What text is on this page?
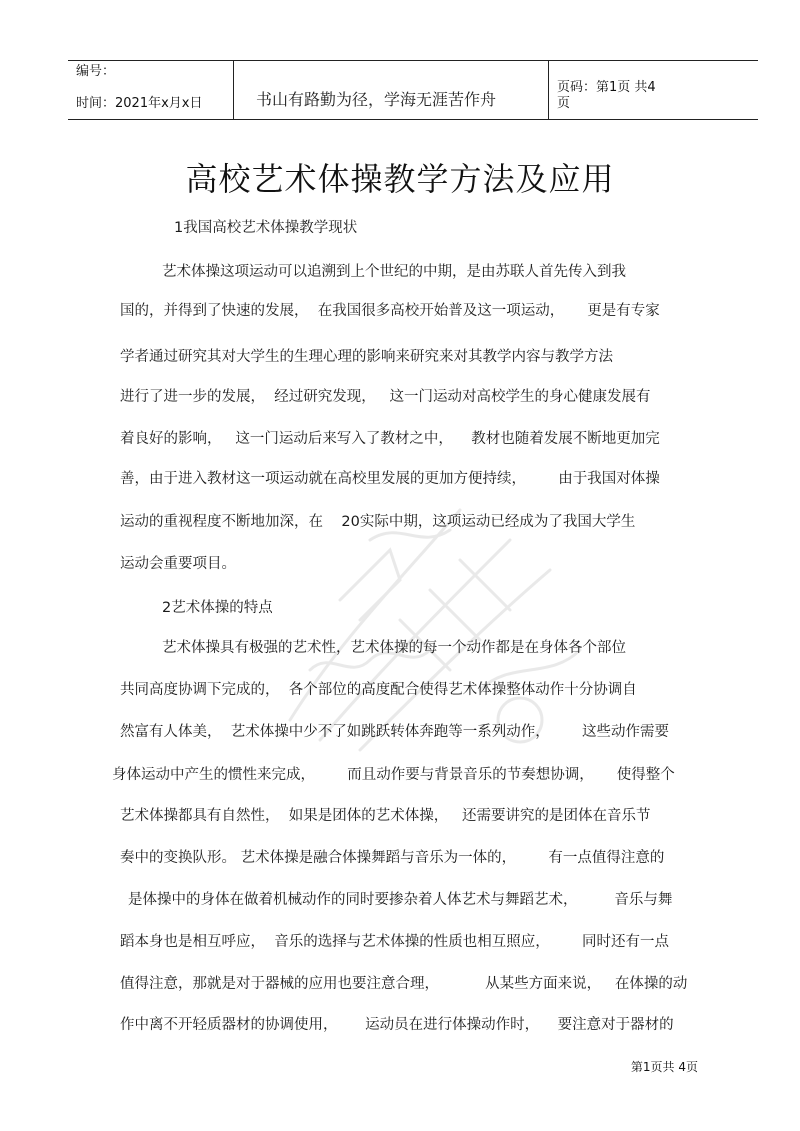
编号：
时间：2021年x月x日	书山有路勤为径，学海无涯苦作舟
页码：第1页 共4
页
高校艺术体操教学方法及应用
1我国高校艺术体操教学现状
艺术体操这项运动可以追溯到上个世纪的中期，是由苏联人首先传入到我
国的，并得到了快速的发展，  在我国很多高校开始普及这一项运动，     更是有专家
学者通过研究其对大学生的生理心理的影响来研究来对其教学内容与教学方法
进行了进一步的发展，  经过研究发现，   这一门运动对高校学生的身心健康发展有
着良好的影响，   这一门运动后来写入了教材之中，    教材也随着发展不断地更加完
善，由于进入教材这一项运动就在高校里发展的更加方便持续，       由于我国对体操
运动的重视程度不断地加深，在    20实际中期，这项运动已经成为了我国大学生
运动会重要项目。
2艺术体操的特点
艺术体操具有极强的艺术性，艺术体操的每一个动作都是在身体各个部位
共同高度协调下完成的，  各个部位的高度配合使得艺术体操整体动作十分协调自
然富有人体美，  艺术体操中少不了如跳跃转体奔跑等一系列动作，       这些动作需要
身体运动中产生的惯性来完成，       而且动作要与背景音乐的节奏想协调，     使得整个
艺术体操都具有自然性，  如果是团体的艺术体操，   还需要讲究的是团体在音乐节
奏中的变换队形。 艺术体操是融合体操舞蹈与音乐为一体的，       有一点值得注意的
是体操中的身体在做着机械动作的同时要掺杂着人体艺术与舞蹈艺术，        音乐与舞
蹈本身也是相互呼应，  音乐的选择与艺术体操的性质也相互照应，       同时还有一点
值得注意，那就是对于器械的应用也要注意合理，          从某些方面来说，   在体操的动
作中离不开轻质器材的协调使用，      运动员在进行体操动作时，    要注意对于器材的
第1页共 4页
